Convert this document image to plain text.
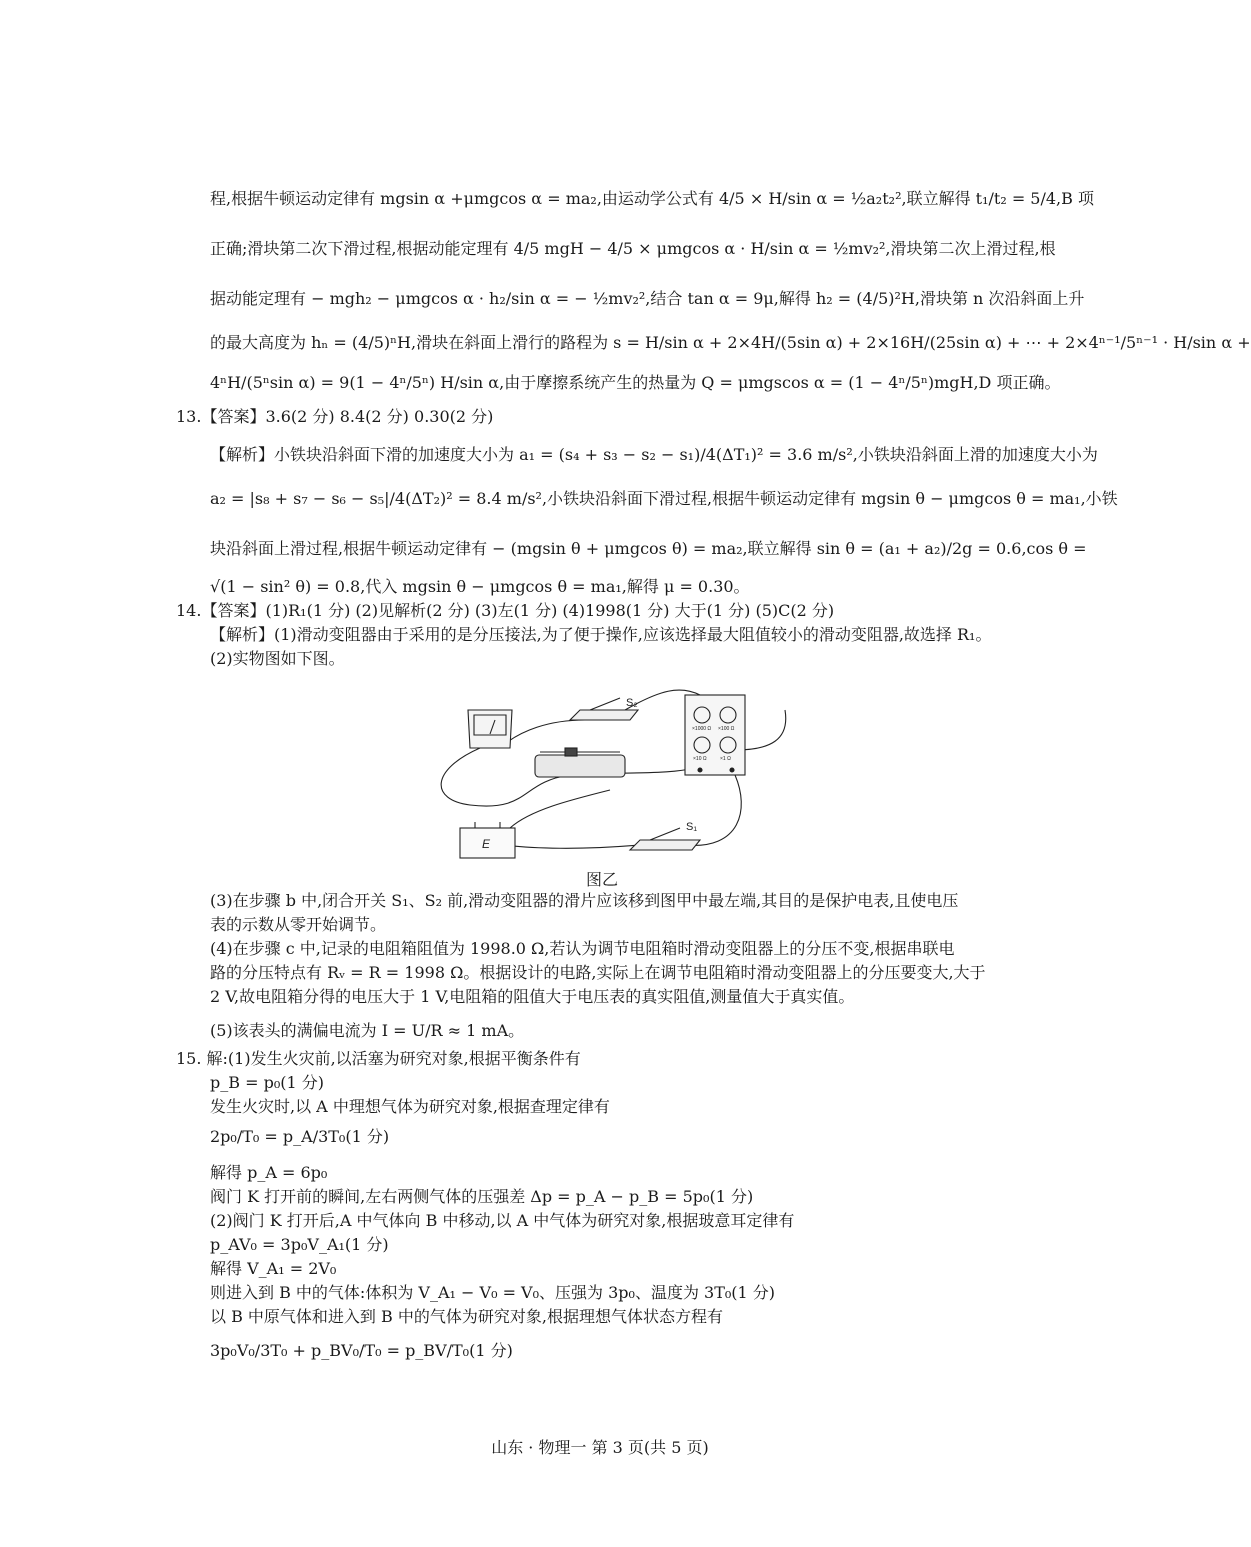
程,根据牛顿运动定律有 mgsin α +μmgcos α = ma₂,由运动学公式有 4/5 × H/sin α = ½a₂t₂²,联立解得 t₁/t₂ = 5/4,B 项
正确;滑块第二次下滑过程,根据动能定理有 4/5 mgH − 4/5 × μmgcos α · H/sin α = ½mv₂²,滑块第二次上滑过程,根
据动能定理有 − mgh₂ − μmgcos α · h₂/sin α = − ½mv₂²,结合 tan α = 9μ,解得 h₂ = (4/5)²H,滑块第 n 次沿斜面上升
的最大高度为 hₙ = (4/5)ⁿH,滑块在斜面上滑行的路程为 s = H/sin α + 2×4H/(5sin α) + 2×16H/(25sin α) + ⋯ + 2×4ⁿ⁻¹/5ⁿ⁻¹ · H/sin α +
4ⁿH/(5ⁿsin α) = 9(1 − 4ⁿ/5ⁿ) H/sin α,由于摩擦系统产生的热量为 Q = μmgscos α = (1 − 4ⁿ/5ⁿ)mgH,D 项正确。
13.【答案】3.6(2 分) 8.4(2 分) 0.30(2 分)
【解析】小铁块沿斜面下滑的加速度大小为 a₁ = (s₄ + s₃ − s₂ − s₁)/4(ΔT₁)² = 3.6 m/s²,小铁块沿斜面上滑的加速度大小为
a₂ = |s₈ + s₇ − s₆ − s₅|/4(ΔT₂)² = 8.4 m/s²,小铁块沿斜面下滑过程,根据牛顿运动定律有 mgsin θ − μmgcos θ = ma₁,小铁
块沿斜面上滑过程,根据牛顿运动定律有 − (mgsin θ + μmgcos θ) = ma₂,联立解得 sin θ = (a₁ + a₂)/2g = 0.6,cos θ =
√(1 − sin² θ) = 0.8,代入 mgsin θ − μmgcos θ = ma₁,解得 μ = 0.30。
14.【答案】(1)R₁(1 分) (2)见解析(2 分) (3)左(1 分) (4)1998(1 分) 大于(1 分) (5)C(2 分)
【解析】(1)滑动变阻器由于采用的是分压接法,为了便于操作,应该选择最大阻值较小的滑动变阻器,故选择 R₁。
(2)实物图如下图。
S₂
S₁
E
×1000 Ω ×100 Ω
×10 Ω	×1 Ω
图乙
(3)在步骤 b 中,闭合开关 S₁、S₂ 前,滑动变阻器的滑片应该移到图甲中最左端,其目的是保护电表,且使电压
表的示数从零开始调节。
(4)在步骤 c 中,记录的电阻箱阻值为 1998.0 Ω,若认为调节电阻箱时滑动变阻器上的分压不变,根据串联电
路的分压特点有 Rᵥ = R = 1998 Ω。根据设计的电路,实际上在调节电阻箱时滑动变阻器上的分压要变大,大于
2 V,故电阻箱分得的电压大于 1 V,电阻箱的阻值大于电压表的真实阻值,测量值大于真实值。
(5)该表头的满偏电流为 I = U/R ≈ 1 mA。
15. 解:(1)发生火灾前,以活塞为研究对象,根据平衡条件有
p_B = p₀(1 分)
发生火灾时,以 A 中理想气体为研究对象,根据查理定律有
2p₀/T₀ = p_A/3T₀(1 分)
解得 p_A = 6p₀
阀门 K 打开前的瞬间,左右两侧气体的压强差 Δp = p_A − p_B = 5p₀(1 分)
(2)阀门 K 打开后,A 中气体向 B 中移动,以 A 中气体为研究对象,根据玻意耳定律有
p_AV₀ = 3p₀V_A₁(1 分)
解得 V_A₁ = 2V₀
则进入到 B 中的气体:体积为 V_A₁ − V₀ = V₀、压强为 3p₀、温度为 3T₀(1 分)
以 B 中原气体和进入到 B 中的气体为研究对象,根据理想气体状态方程有
3p₀V₀/3T₀ + p_BV₀/T₀ = p_BV/T₀(1 分)
山东 · 物理一 第 3 页(共 5 页)
